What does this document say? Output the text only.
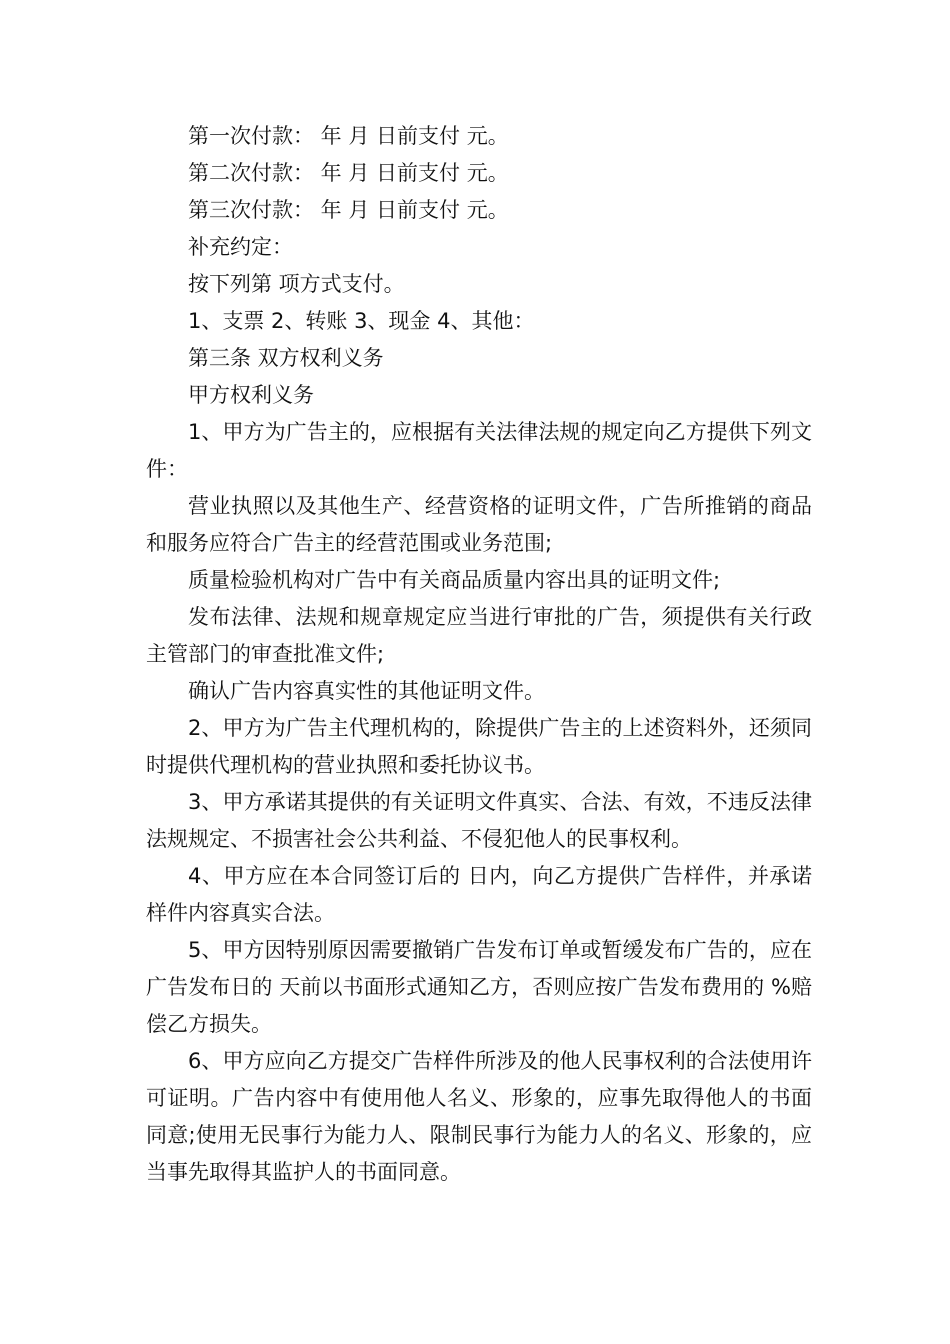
第一次付款： 年 月 日前支付 元。

第二次付款： 年 月 日前支付 元。

第三次付款： 年 月 日前支付 元。

补充约定：

按下列第 项方式支付。

1、支票 2、转账 3、现金 4、其他：

第三条 双方权利义务

甲方权利义务

1、甲方为广告主的，应根据有关法律法规的规定向乙方提供下列文件：

营业执照以及其他生产、经营资格的证明文件，广告所推销的商品和服务应符合广告主的经营范围或业务范围;

质量检验机构对广告中有关商品质量内容出具的证明文件;

发布法律、法规和规章规定应当进行审批的广告，须提供有关行政主管部门的审查批准文件;

确认广告内容真实性的其他证明文件。

2、甲方为广告主代理机构的，除提供广告主的上述资料外，还须同时提供代理机构的营业执照和委托协议书。

3、甲方承诺其提供的有关证明文件真实、合法、有效，不违反法律法规规定、不损害社会公共利益、不侵犯他人的民事权利。

4、甲方应在本合同签订后的 日内，向乙方提供广告样件，并承诺样件内容真实合法。

5、甲方因特别原因需要撤销广告发布订单或暂缓发布广告的，应在广告发布日的 天前以书面形式通知乙方，否则应按广告发布费用的 %赔偿乙方损失。

6、甲方应向乙方提交广告样件所涉及的他人民事权利的合法使用许可证明。广告内容中有使用他人名义、形象的，应事先取得他人的书面同意;使用无民事行为能力人、限制民事行为能力人的名义、形象的，应当事先取得其监护人的书面同意。
